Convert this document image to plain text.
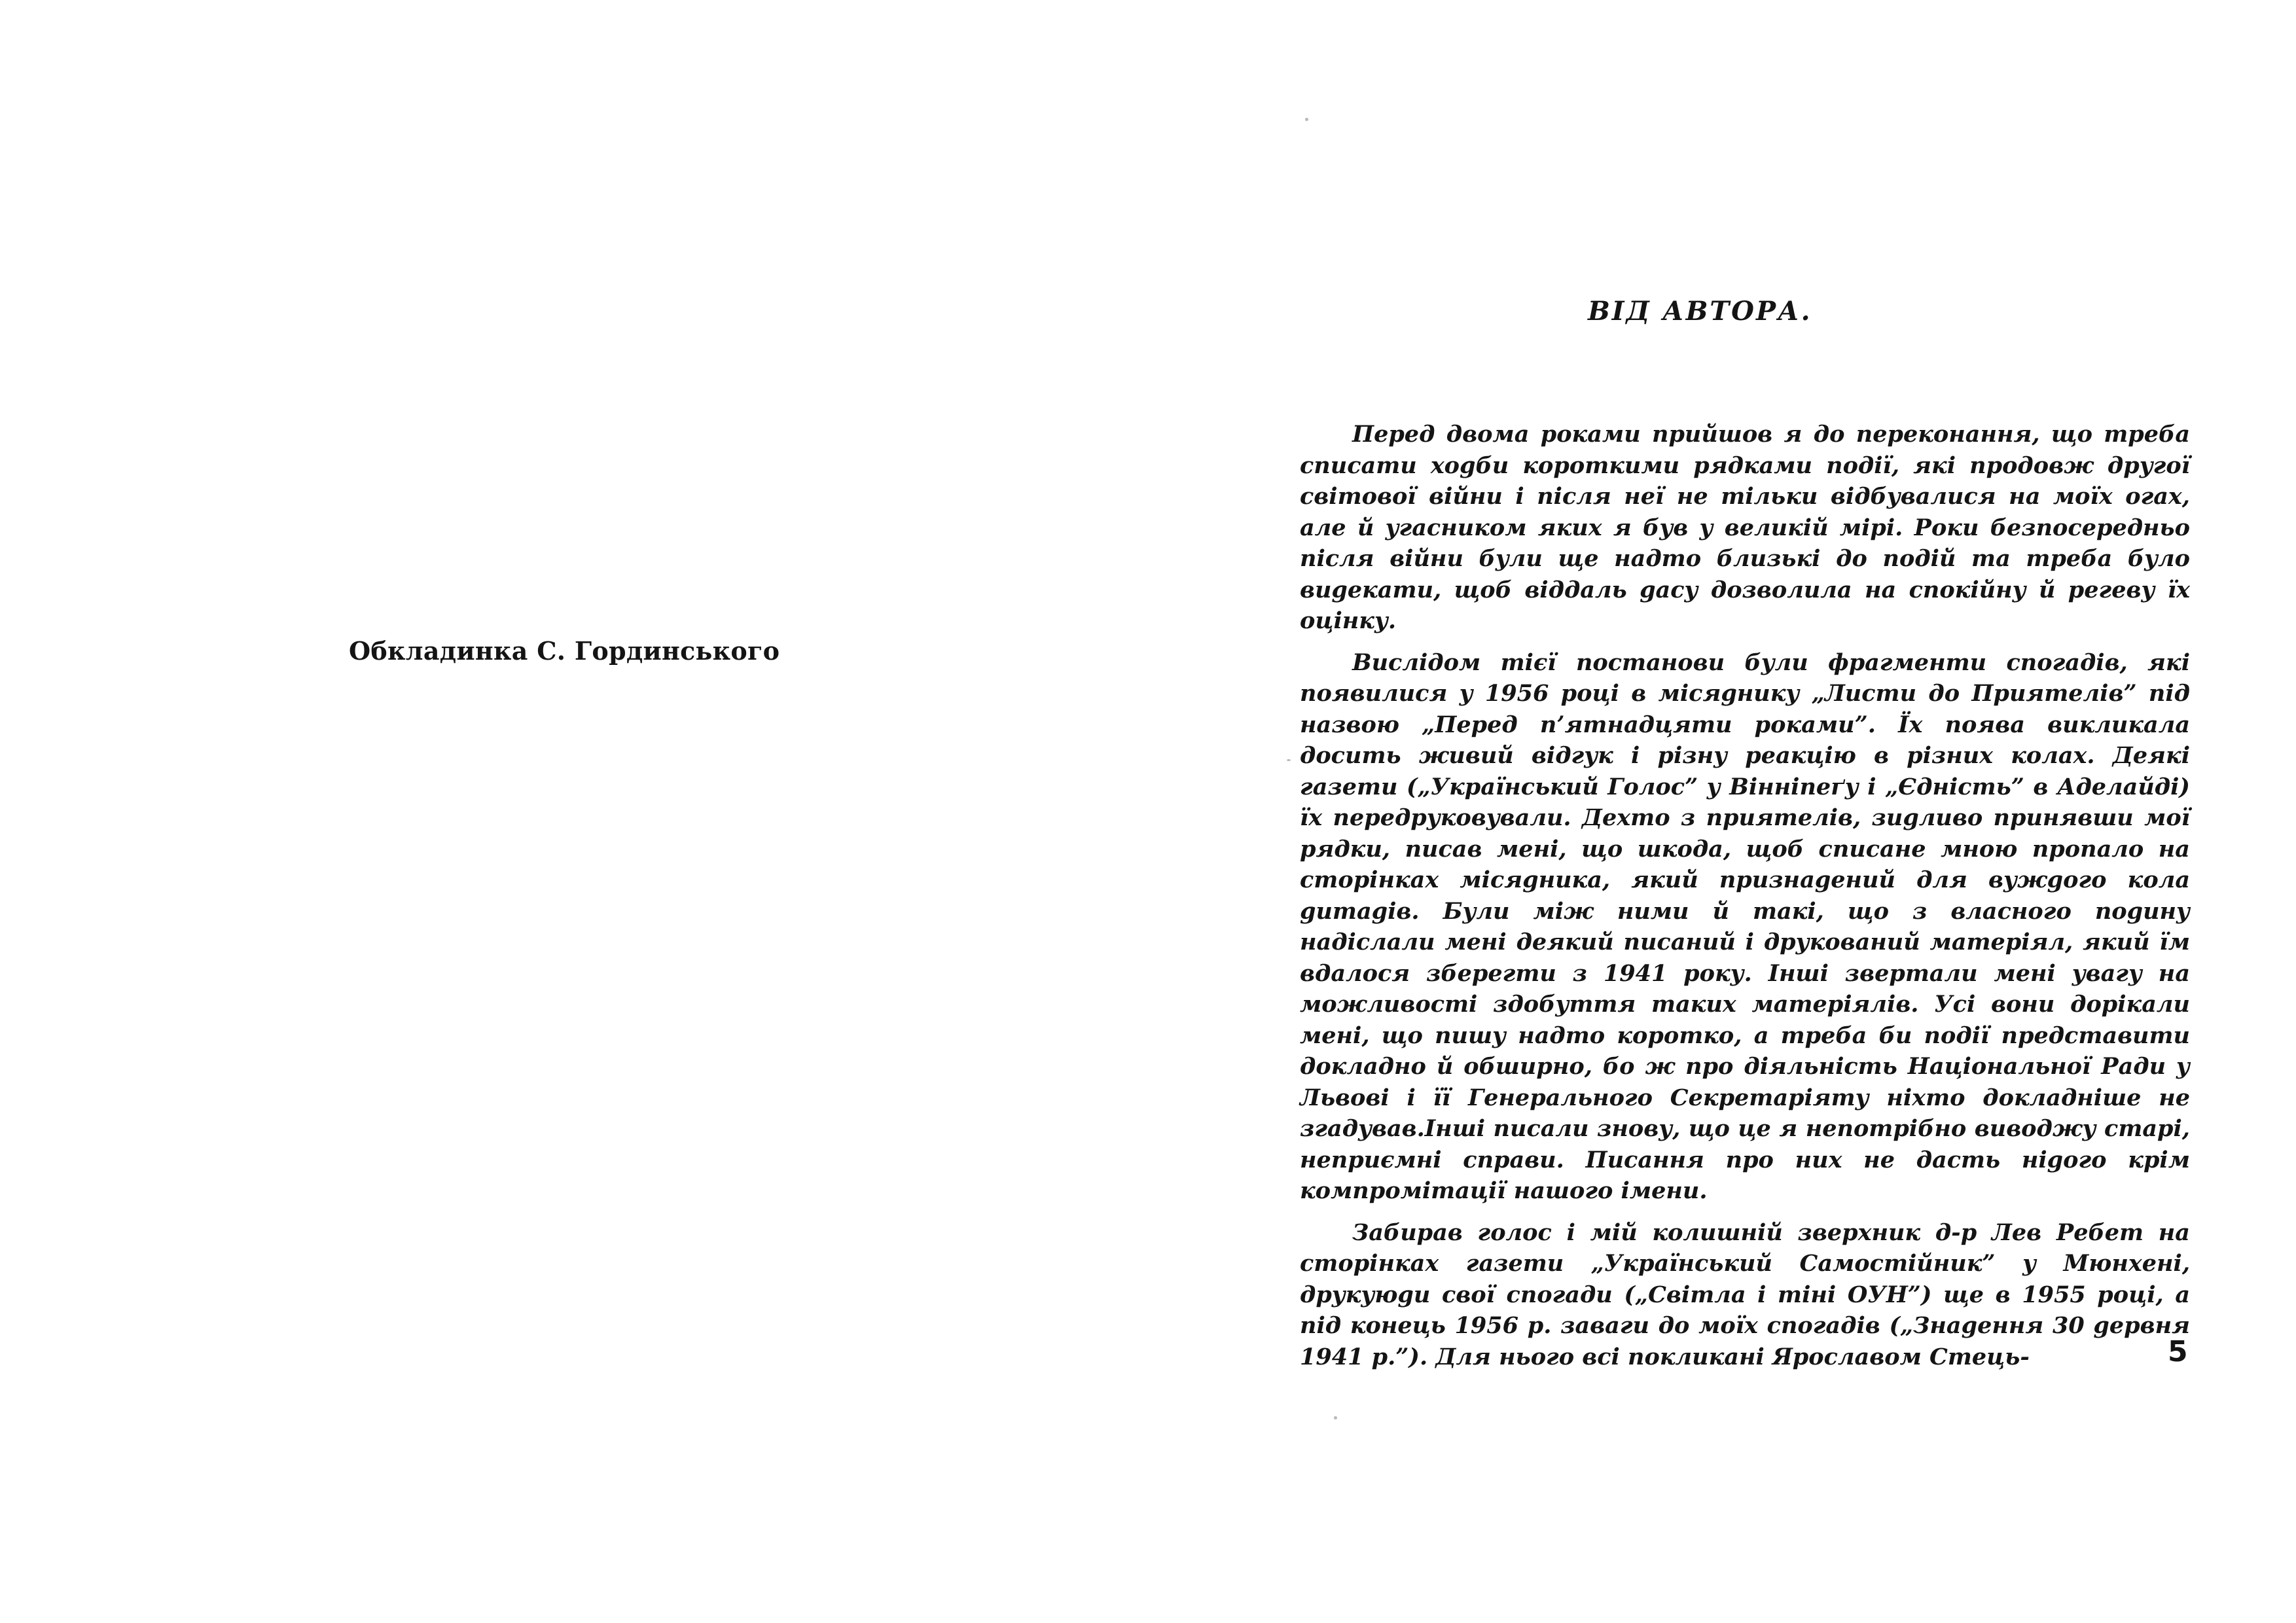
Обкладинка С. Гординського
ВІД АВТОРА.

Перед двома роками прийшов я до переконання, що треба списати хоgби короткими рядками події, які продовж другої світової війни і після неї не тільки відбувалися на моїх огах, але й угасником яких я був у великій мірі. Роки безпосередньо після війни були ще надто близькі до подій та треба було виgекати, щоб віддаль gасу дозволила на спокійну й регеву їх оцінку.

Вислідом тієї постанови були фрагменти спогадів, які появилися у 1956 році в місяgнику „Листи до Приятелів” під назвою „Перед п’ятнадцяти роками”. Їх поява викликала досить живий відгук і різну реакцію в різних колах. Деякі газети („Український Голос” у Вінніпеґу і „Єдність” в Аделайді) їх передруковували. Дехто з приятелів, зиgливо принявши мої рядки, писав мені, що шкода, щоб списане мною пропало на сторінках місяgника, який признаgений для вужgого кола gитаgів. Були між ними й такі, що з власного поgину надіслали мені деякий писаний і друкований матеріял, який їм вдалося зберегти з 1941 року. Інші звертали мені увагу на можливості здобуття таких матеріялів. Усі вони дорікали мені, що пишу надто коротко, а треба би події представити докладно й обширно, бо ж про діяльність Національної Ради у Львові і її Генерального Секретаріяту ніхто докладніше не згадував.Інші писали знову, що це я непотрібно виводжу старі, неприємні справи. Писання про них не дасть ніgого крім компромітації нашого імени.

Забирав голос і мій колишній зверхник д-р Лев Ребет на сторінках газети „Український Самостійник” у Мюнхені, друкуюgи свої спогади („Світла і тіні ОУН”) ще в 1955 році, а під конець 1956 р. заваги до моїх спогадів („Знаgення 30 gервня 1941 р.”). Для нього всі покликані Ярославом Стець-	5
